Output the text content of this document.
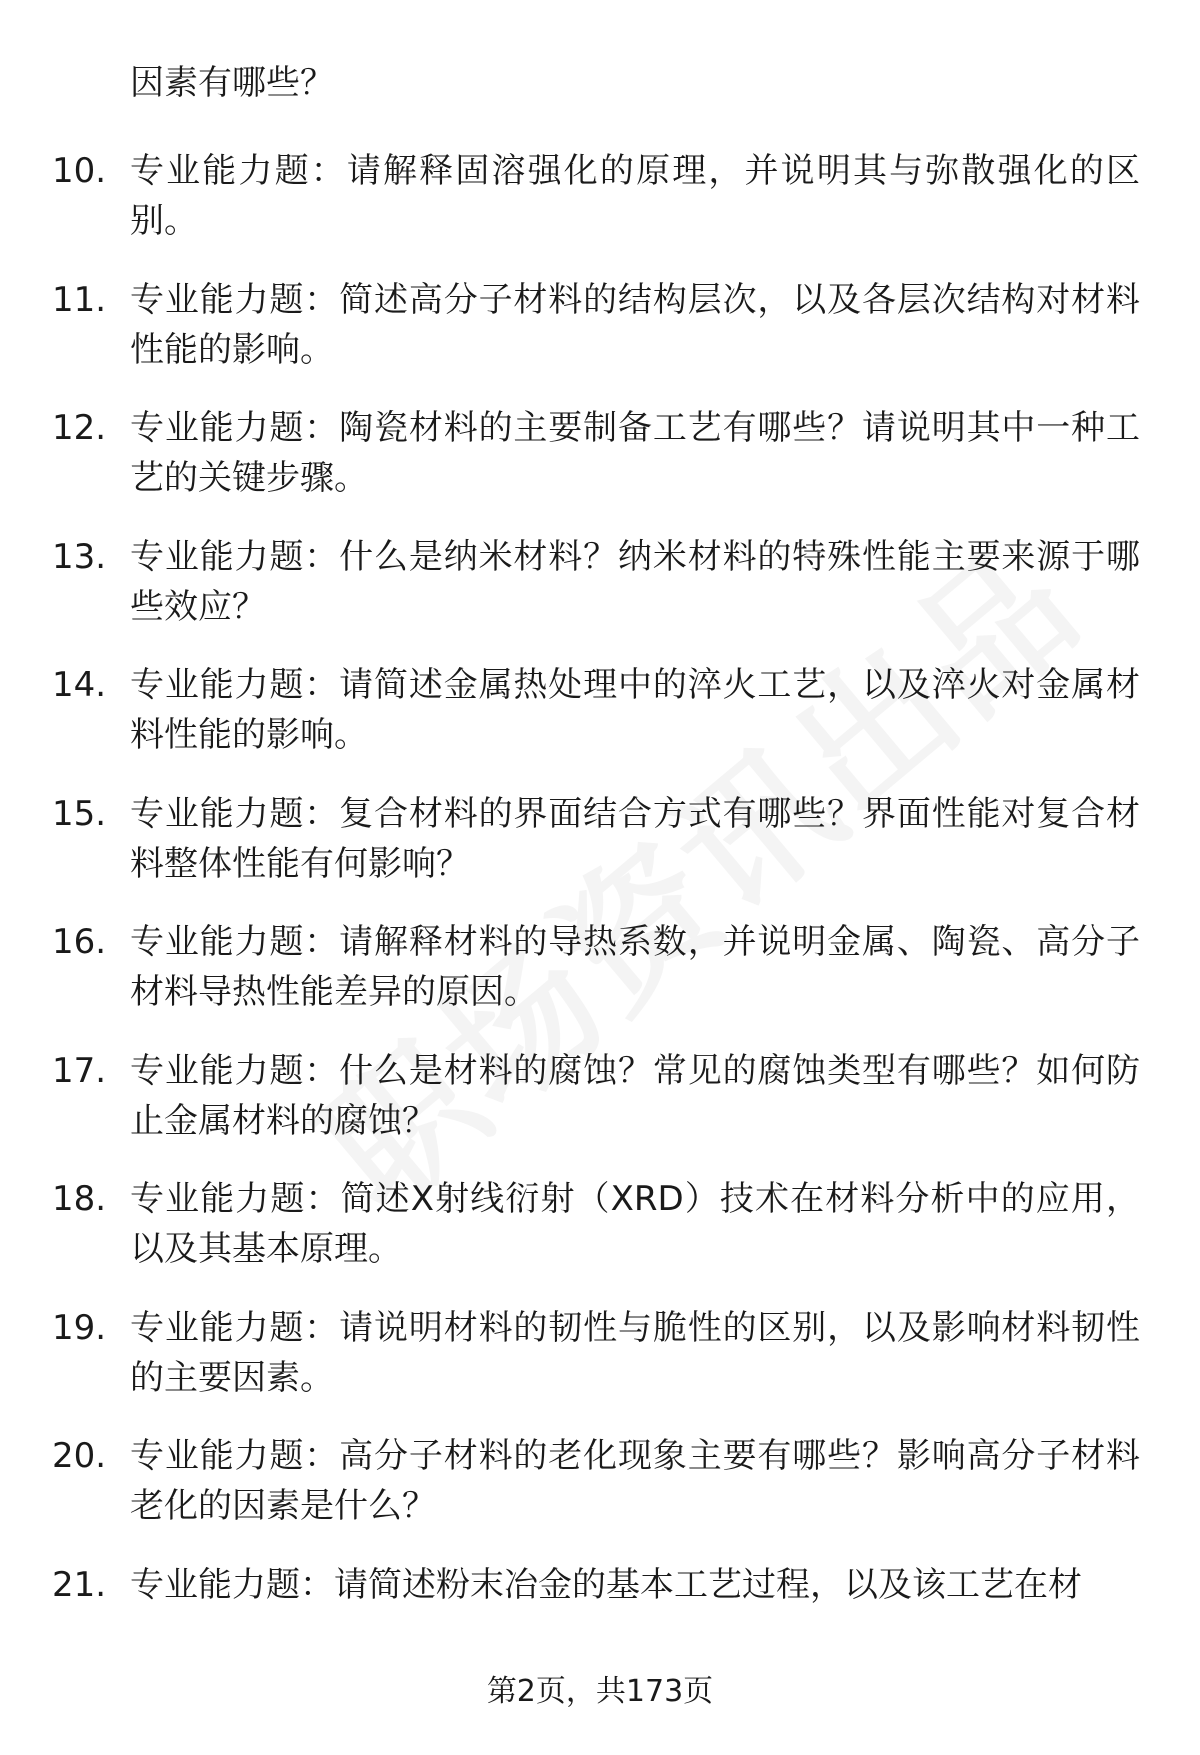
因素有哪些？
10. 专业能力题：请解释固溶强化的原理，并说明其与弥散强化的区别。
11. 专业能力题：简述高分子材料的结构层次，以及各层次结构对材料性能的影响。
12. 专业能力题：陶瓷材料的主要制备工艺有哪些？请说明其中一种工艺的关键步骤。
13. 专业能力题：什么是纳米材料？纳米材料的特殊性能主要来源于哪些效应？
14. 专业能力题：请简述金属热处理中的淬火工艺，以及淬火对金属材料性能的影响。
15. 专业能力题：复合材料的界面结合方式有哪些？界面性能对复合材料整体性能有何影响？
16. 专业能力题：请解释材料的导热系数，并说明金属、陶瓷、高分子材料导热性能差异的原因。
17. 专业能力题：什么是材料的腐蚀？常见的腐蚀类型有哪些？如何防止金属材料的腐蚀？
18. 专业能力题：简述X射线衍射（XRD）技术在材料分析中的应用，以及其基本原理。
19. 专业能力题：请说明材料的韧性与脆性的区别，以及影响材料韧性的主要因素。
20. 专业能力题：高分子材料的老化现象主要有哪些？影响高分子材料老化的因素是什么？
21. 专业能力题：请简述粉末冶金的基本工艺过程，以及该工艺在材
第2页，共173页
